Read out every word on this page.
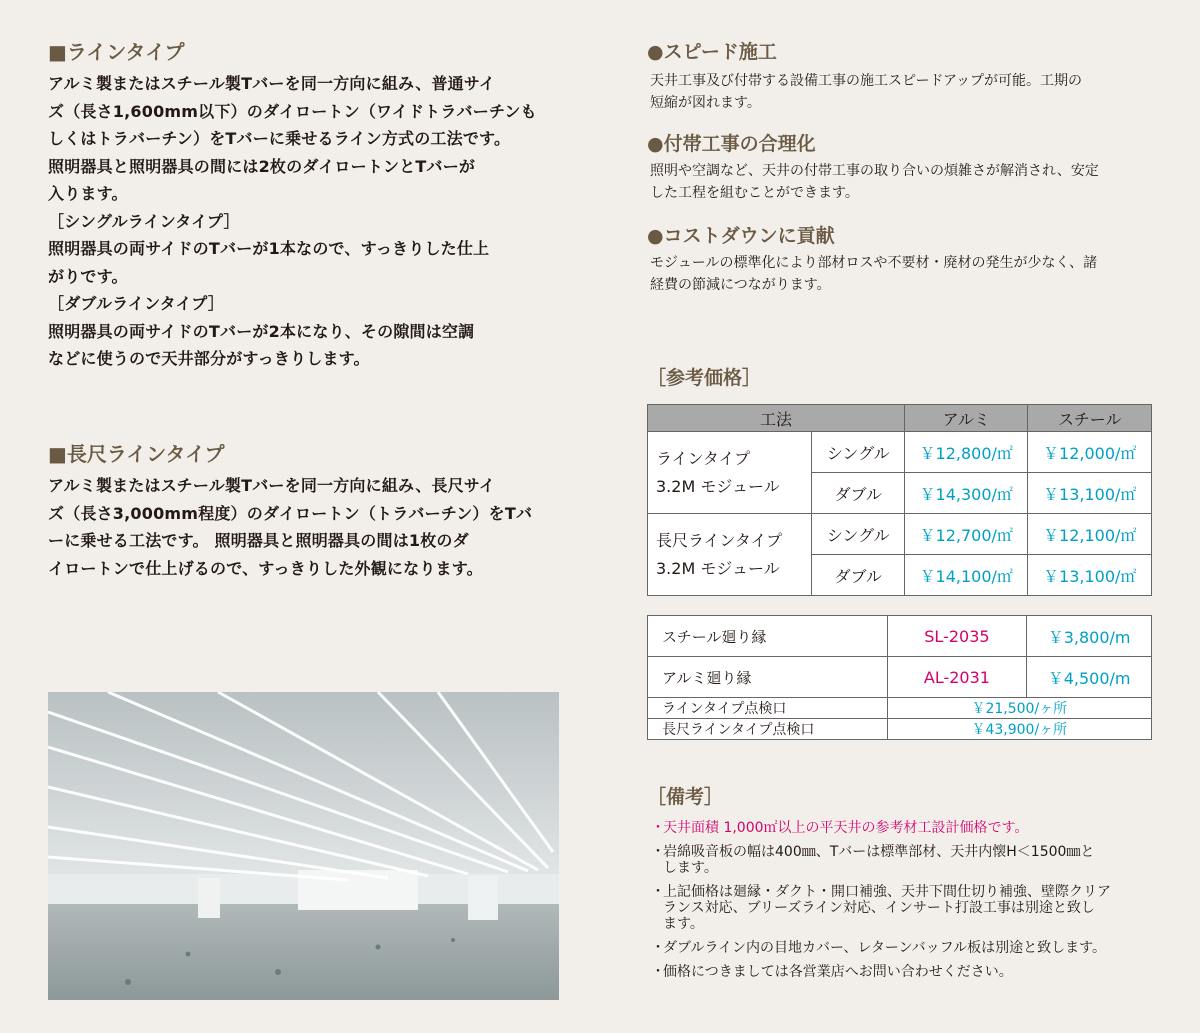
■ラインタイプ
アルミ製またはスチール製Tバーを同一方向に組み、普通サイ
ズ（長さ1,600mm以下）のダイロートン（ワイドトラバーチンも
しくはトラバーチン）をTバーに乗せるライン方式の工法です。
照明器具と照明器具の間には2枚のダイロートンとTバーが
入ります。
［シングルラインタイプ］
照明器具の両サイドのTバーが1本なので、すっきりした仕上
がりです。
［ダブルラインタイプ］
照明器具の両サイドのTバーが2本になり、その隙間は空調
などに使うので天井部分がすっきりします。
■長尺ラインタイプ
アルミ製またはスチール製Tバーを同一方向に組み、長尺サイ
ズ（長さ3,000mm程度）のダイロートン（トラバーチン）をTバ
ーに乗せる工法です。 照明器具と照明器具の間は1枚のダ
イロートンで仕上げるので、すっきりした外観になります。
●スピード施工
天井工事及び付帯する設備工事の施工スピードアップが可能。工期の
短縮が図れます。
●付帯工事の合理化
照明や空調など、天井の付帯工事の取り合いの煩雑さが解消され、安定
した工程を組むことができます。
●コストダウンに貢献
モジュールの標準化により部材ロスや不要材・廃材の発生が少なく、諸
経費の節減につながります。
［参考価格］
工法		アルミ	スチール
ラインタイプ
3.2M モジュール	シングル	￥12,800/㎡	￥12,000/㎡
	ダブル	￥14,300/㎡	￥13,100/㎡
長尺ラインタイプ
3.2M モジュール	シングル	￥12,700/㎡	￥12,100/㎡
	ダブル	￥14,100/㎡	￥13,100/㎡
スチール廻り縁	SL-2035	￥3,800/m
アルミ廻り縁	AL-2031	￥4,500/m
ラインタイプ点検口	￥21,500/ヶ所	
長尺ラインタイプ点検口	￥43,900/ヶ所	
［備考］
・
天井面積 1,000㎡以上の平天井の参考材工設計価格です。
・
岩綿吸音板の幅は400㎜、Tバーは標準部材、天井内懐H＜1500㎜と
します。
・
上記価格は廻縁・ダクト・開口補強、天井下間仕切り補強、壁際クリア
ランス対応、ブリーズライン対応、インサート打設工事は別途と致し
ます。
・
ダブルライン内の目地カバー、レターンバッフル板は別途と致します。
・
価格につきましては各営業店へお問い合わせください。
